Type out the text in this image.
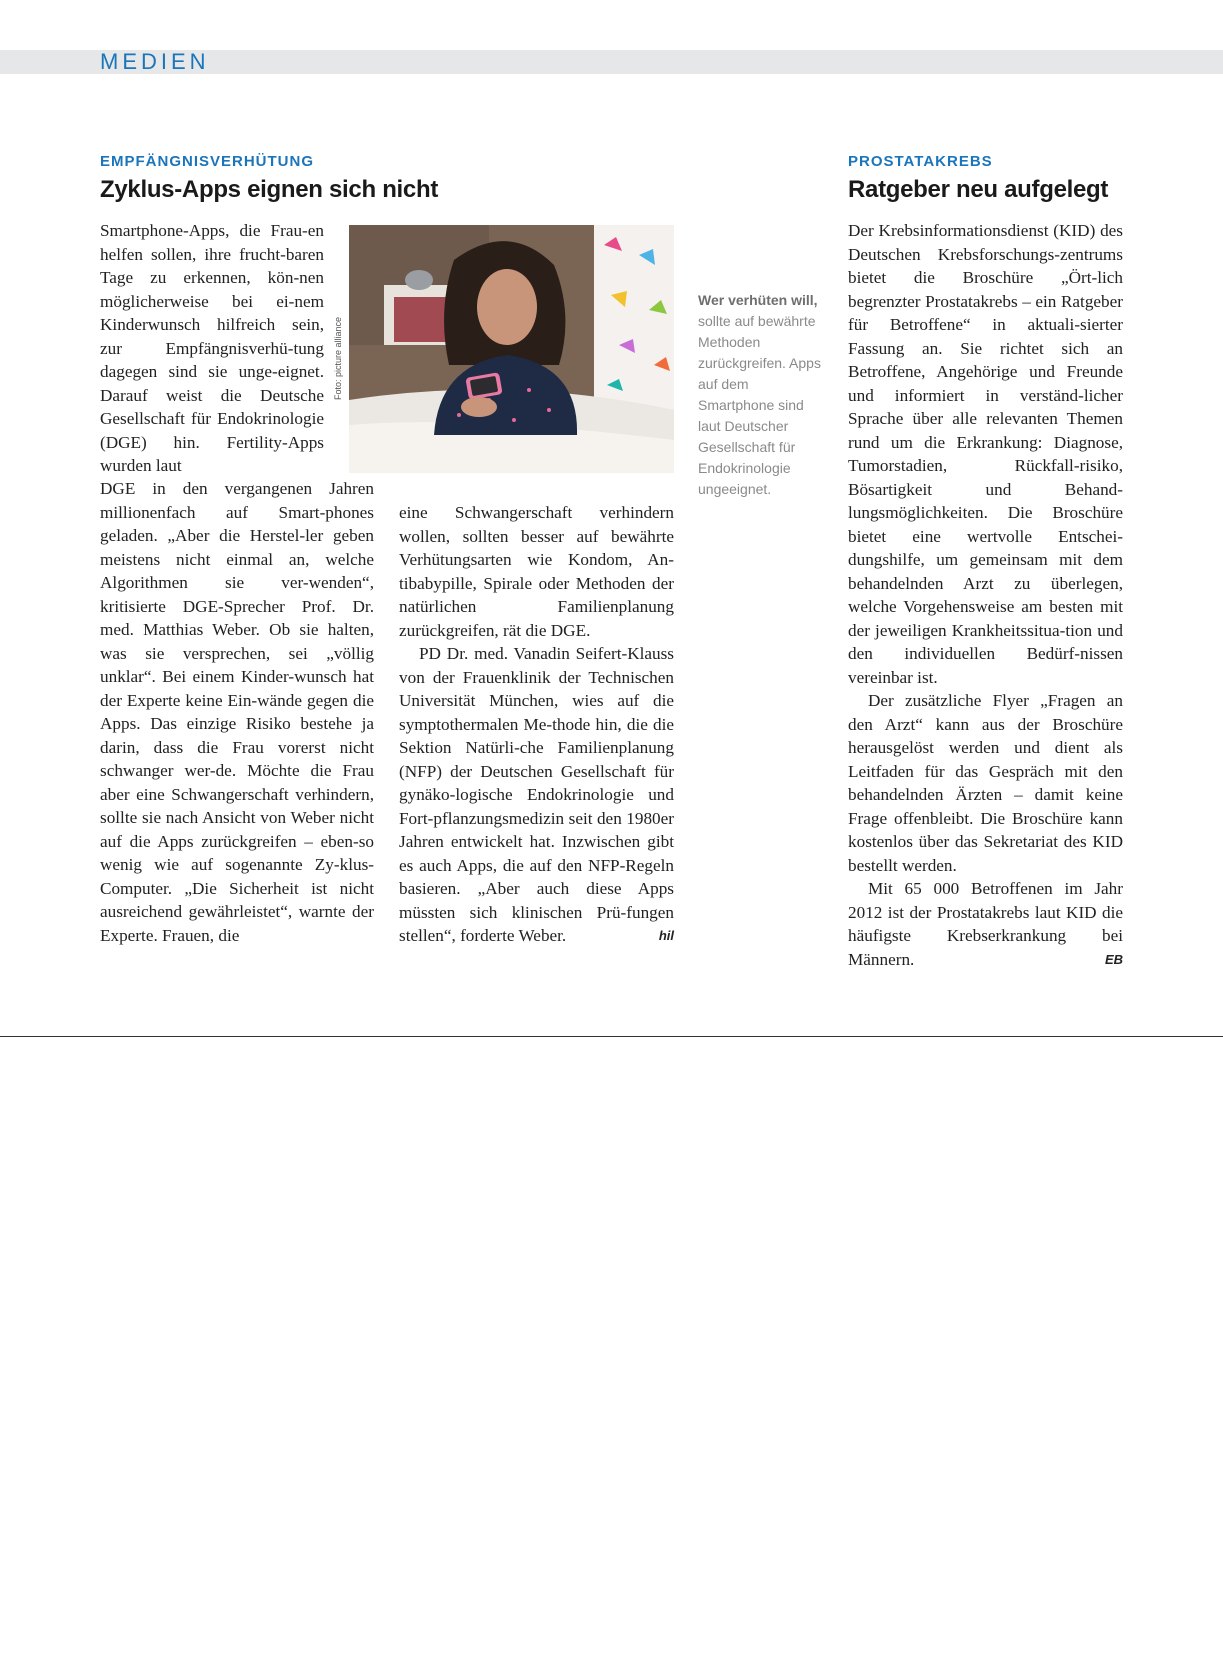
MEDIEN
EMPFÄNGNISVERHÜTUNG
Zyklus-Apps eignen sich nicht

Smartphone-Apps, die Frau-en helfen sollen, ihre frucht-baren Tage zu erkennen, kön-nen möglicherweise bei ei-nem Kinderwunsch hilfreich sein, zur Empfängnisverhü-tung dagegen sind sie unge-eignet. Darauf weist die Deutsche Gesellschaft für Endokrinologie (DGE) hin. Fertility-Apps wurden laut

Foto: picture alliance
Wer verhüten will, sollte auf bewährte Methoden zurückgreifen. Apps auf dem Smartphone sind laut Deutscher Gesellschaft für Endokrinologie ungeeignet.

DGE in den vergangenen Jahren millionenfach auf Smart-phones geladen. „Aber die Herstel-ler geben meistens nicht einmal an, welche Algorithmen sie ver-wenden“, kritisierte DGE-Sprecher Prof. Dr. med. Matthias Weber. Ob sie halten, was sie versprechen, sei „völlig unklar“. Bei einem Kinder-wunsch hat der Experte keine Ein-wände gegen die Apps. Das einzige Risiko bestehe ja darin, dass die Frau vorerst nicht schwanger wer-de. Möchte die Frau aber eine Schwangerschaft verhindern, sollte sie nach Ansicht von Weber nicht auf die Apps zurückgreifen – eben-so wenig wie auf sogenannte Zy-klus-Computer. „Die Sicherheit ist nicht ausreichend gewährleistet“, warnte der Experte. Frauen, die

eine Schwangerschaft verhindern wollen, sollten besser auf bewährte Verhütungsarten wie Kondom, An-tibabypille, Spirale oder Methoden der natürlichen Familienplanung zurückgreifen, rät die DGE.

PD Dr. med. Vanadin Seifert-Klauss von der Frauenklinik der Technischen Universität München, wies auf die symptothermalen Me-thode hin, die die Sektion Natürli-che Familienplanung (NFP) der Deutschen Gesellschaft für gynäko-logische Endokrinologie und Fort-pflanzungsmedizin seit den 1980er Jahren entwickelt hat. Inzwischen gibt es auch Apps, die auf den NFP-Regeln basieren. „Aber auch diese Apps müssten sich klinischen Prü-fungen stellen“, forderte Weber.	hil

PROSTATAKREBS
Ratgeber neu aufgelegt

Der Krebsinformationsdienst (KID) des Deutschen Krebsforschungs-zentrums bietet die Broschüre „Ört-lich begrenzter Prostatakrebs – ein Ratgeber für Betroffene“ in aktuali-sierter Fassung an. Sie richtet sich an Betroffene, Angehörige und Freunde und informiert in verständ-licher Sprache über alle relevanten Themen rund um die Erkrankung: Diagnose, Tumorstadien, Rückfall-risiko, Bösartigkeit und Behand-lungsmöglichkeiten. Die Broschüre bietet eine wertvolle Entschei-dungshilfe, um gemeinsam mit dem behandelnden Arzt zu überlegen, welche Vorgehensweise am besten mit der jeweiligen Krankheitssitua-tion und den individuellen Bedürf-nissen vereinbar ist.

Der zusätzliche Flyer „Fragen an den Arzt“ kann aus der Broschüre herausgelöst werden und dient als Leitfaden für das Gespräch mit den behandelnden Ärzten – damit keine Frage offenbleibt. Die Broschüre kann kostenlos über das Sekretariat des KID bestellt werden.

Mit 65 000 Betroffenen im Jahr 2012 ist der Prostatakrebs laut KID die häufigste Krebserkrankung bei Männern.	EB
